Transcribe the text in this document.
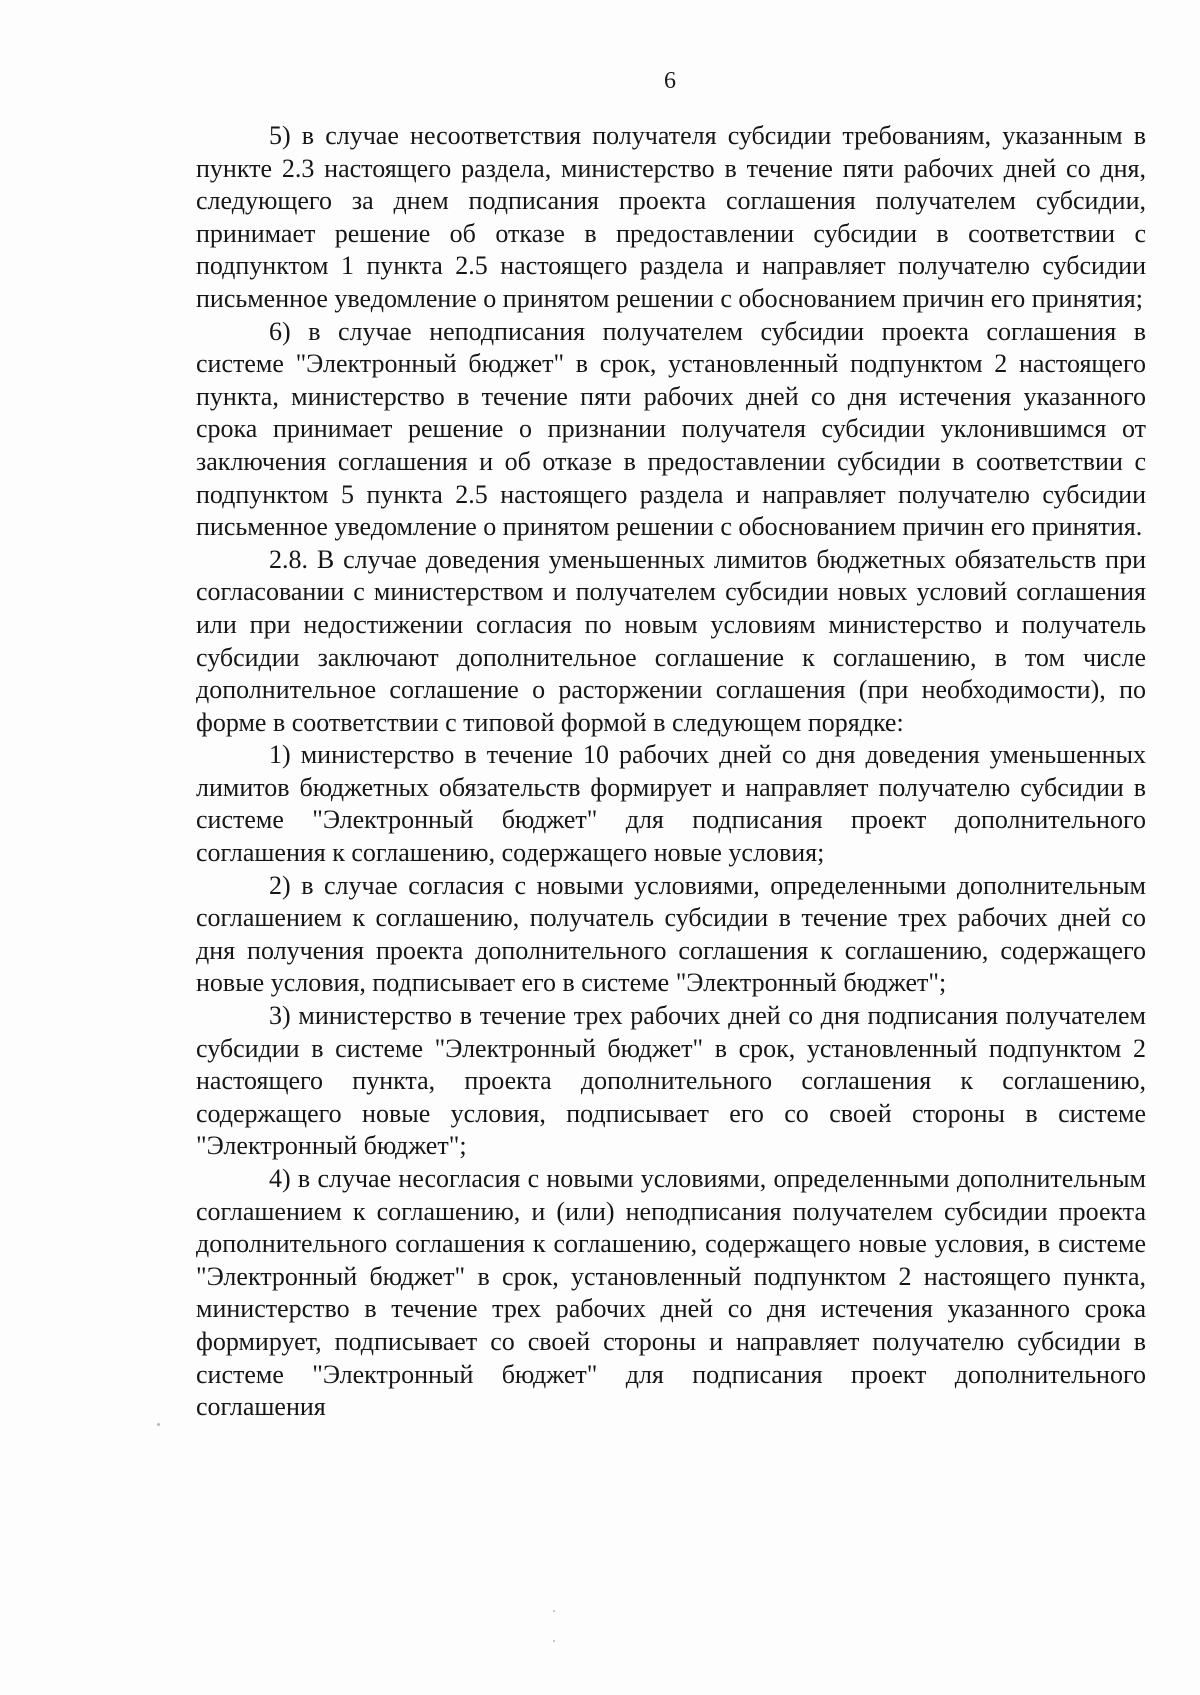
6

5) в случае несоответствия получателя субсидии требованиям, указанным в пункте 2.3 настоящего раздела, министерство в течение пяти рабочих дней со дня, следующего за днем подписания проекта соглашения получателем субсидии, принимает решение об отказе в предоставлении субсидии в соответствии с подпунктом 1 пункта 2.5 настоящего раздела и направляет получателю субсидии письменное уведомление о принятом решении с обоснованием причин его принятия;

6) в случае неподписания получателем субсидии проекта соглашения в системе "Электронный бюджет" в срок, установленный подпунктом 2 настоящего пункта, министерство в течение пяти рабочих дней со дня истечения указанного срока принимает решение о признании получателя субсидии уклонившимся от заключения соглашения и об отказе в предоставлении субсидии в соответствии с подпунктом 5 пункта 2.5 настоящего раздела и направляет получателю субсидии письменное уведомление о принятом решении с обоснованием причин его принятия.

2.8. В случае доведения уменьшенных лимитов бюджетных обязательств при согласовании с министерством и получателем субсидии новых условий соглашения или при недостижении согласия по новым условиям министерство и получатель субсидии заключают дополнительное соглашение к соглашению, в том числе дополнительное соглашение о расторжении соглашения (при необходимости), по форме в соответствии с типовой формой в следующем порядке:

1) министерство в течение 10 рабочих дней со дня доведения уменьшенных лимитов бюджетных обязательств формирует и направляет получателю субсидии в системе "Электронный бюджет" для подписания проект дополнительного соглашения к соглашению, содержащего новые условия;

2) в случае согласия с новыми условиями, определенными дополнительным соглашением к соглашению, получатель субсидии в течение трех рабочих дней со дня получения проекта дополнительного соглашения к соглашению, содержащего новые условия, подписывает его в системе "Электронный бюджет";

3) министерство в течение трех рабочих дней со дня подписания получателем субсидии в системе "Электронный бюджет" в срок, установленный подпунктом 2 настоящего пункта, проекта дополнительного соглашения к соглашению, содержащего новые условия, подписывает его со своей стороны в системе "Электронный бюджет";

4) в случае несогласия с новыми условиями, определенными дополнительным соглашением к соглашению, и (или) неподписания получателем субсидии проекта дополнительного соглашения к соглашению, содержащего новые условия, в системе "Электронный бюджет" в срок, установленный подпунктом 2 настоящего пункта, министерство в течение трех рабочих дней со дня истечения указанного срока формирует, подписывает со своей стороны и направляет получателю субсидии в системе "Электронный бюджет" для подписания проект дополнительного соглашения
